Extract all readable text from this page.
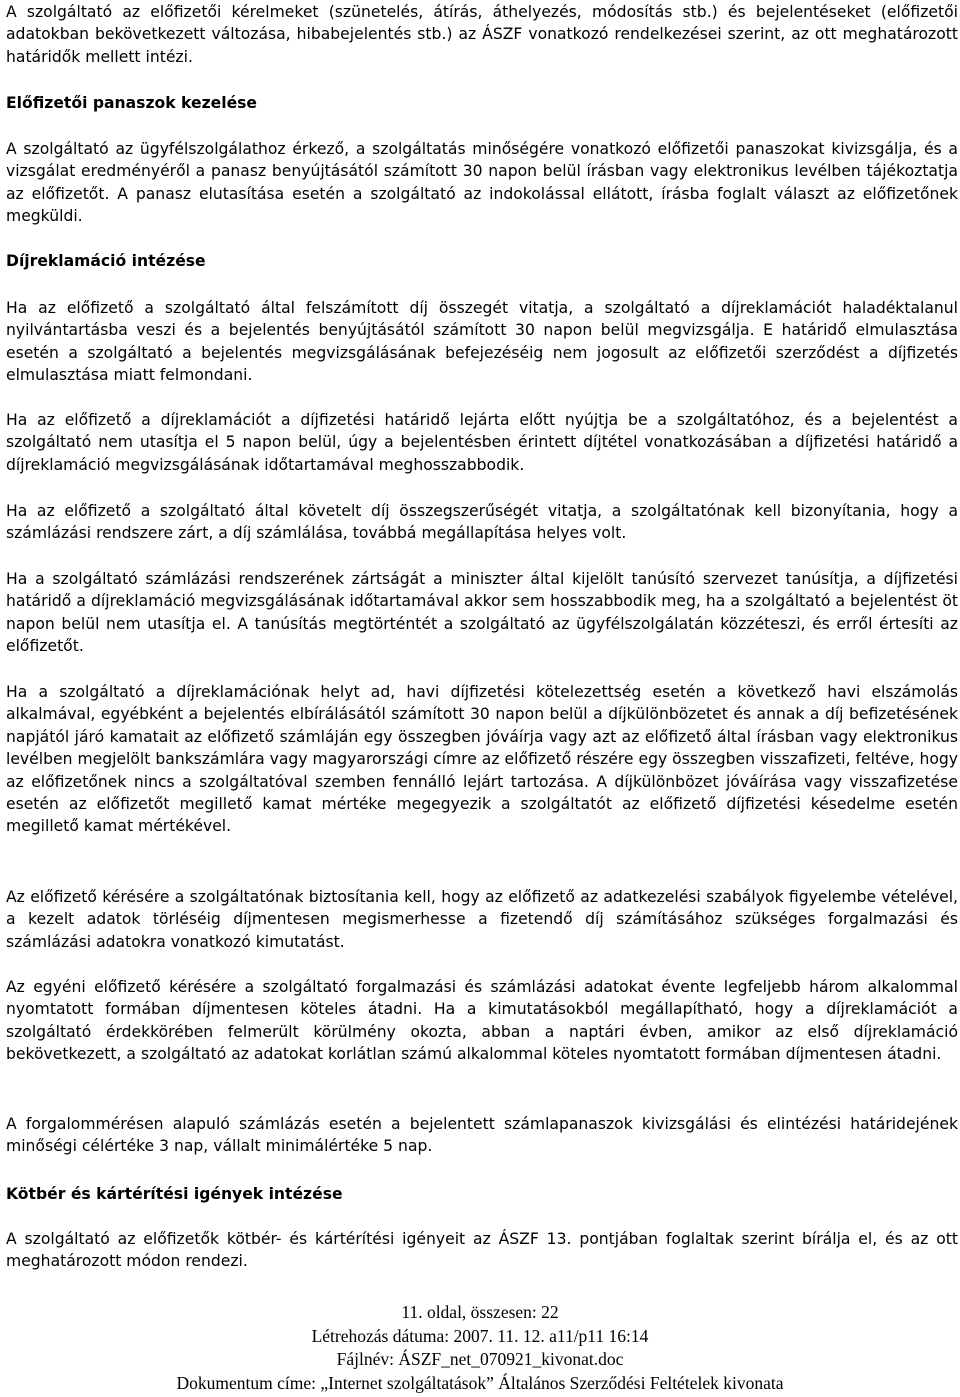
A szolgáltató az előfizetői kérelmeket (szünetelés, átírás, áthelyezés, módosítás stb.) és bejelentéseket (előfizetői adatokban bekövetkezett változása, hibabejelentés stb.) az ÁSZF vonatkozó rendelkezései szerint, az ott meghatározott határidők mellett intézi.

Előfizetői panaszok kezelése

A szolgáltató az ügyfélszolgálathoz érkező, a szolgáltatás minőségére vonatkozó előfizetői panaszokat kivizsgálja, és a vizsgálat eredményéről a panasz benyújtásától számított 30 napon belül írásban vagy elektronikus levélben tájékoztatja az előfizetőt. A panasz elutasítása esetén a szolgáltató az indokolással ellátott, írásba foglalt választ az előfizetőnek megküldi.

Díjreklamáció intézése

Ha az előfizető a szolgáltató által felszámított díj összegét vitatja, a szolgáltató a díjreklamációt haladéktalanul nyilvántartásba veszi és a bejelentés benyújtásától számított 30 napon belül megvizsgálja. E határidő elmulasztása esetén a szolgáltató a bejelentés megvizsgálásának befejezéséig nem jogosult az előfizetői szerződést a díjfizetés elmulasztása miatt felmondani.

Ha az előfizető a díjreklamációt a díjfizetési határidő lejárta előtt nyújtja be a szolgáltatóhoz, és a bejelentést a szolgáltató nem utasítja el 5 napon belül, úgy a bejelentésben érintett díjtétel vonatkozásában a díjfizetési határidő a díjreklamáció megvizsgálásának időtartamával meghosszabbodik.

Ha az előfizető a szolgáltató által követelt díj összegszerűségét vitatja, a szolgáltatónak kell bizonyítania, hogy a számlázási rendszere zárt, a díj számlálása, továbbá megállapítása helyes volt.

Ha a szolgáltató számlázási rendszerének zártságát a miniszter által kijelölt tanúsító szervezet tanúsítja, a díjfizetési határidő a díjreklamáció megvizsgálásának időtartamával akkor sem hosszabbodik meg, ha a szolgáltató a bejelentést öt napon belül nem utasítja el. A tanúsítás megtörténtét a szolgáltató az ügyfélszolgálatán közzéteszi, és erről értesíti az előfizetőt.

Ha a szolgáltató a díjreklamációnak helyt ad, havi díjfizetési kötelezettség esetén a következő havi elszámolás alkalmával, egyébként a bejelentés elbírálásától számított 30 napon belül a díjkülönbözetet és annak a díj befizetésének napjától járó kamatait az előfizető számláján egy összegben jóváírja vagy azt az előfizető által írásban vagy elektronikus levélben megjelölt bankszámlára vagy magyarországi címre az előfizető részére egy összegben visszafizeti, feltéve, hogy az előfizetőnek nincs a szolgáltatóval szemben fennálló lejárt tartozása. A díjkülönbözet jóváírása vagy visszafizetése esetén az előfizetőt megillető kamat mértéke megegyezik a szolgáltatót az előfizető díjfizetési késedelme esetén megillető kamat mértékével.

Az előfizető kérésére a szolgáltatónak biztosítania kell, hogy az előfizető az adatkezelési szabályok figyelembe vételével, a kezelt adatok törléséig díjmentesen megismerhesse a fizetendő díj számításához szükséges forgalmazási és számlázási adatokra vonatkozó kimutatást.

Az egyéni előfizető kérésére a szolgáltató forgalmazási és számlázási adatokat évente legfeljebb három alkalommal nyomtatott formában díjmentesen köteles átadni. Ha a kimutatásokból megállapítható, hogy a díjreklamációt a szolgáltató érdekkörében felmerült körülmény okozta, abban a naptári évben, amikor az első díjreklamáció bekövetkezett, a szolgáltató az adatokat korlátlan számú alkalommal köteles nyomtatott formában díjmentesen átadni.

A forgalommérésen alapuló számlázás esetén a bejelentett számlapanaszok kivizsgálási és elintézési határidejének minőségi célértéke 3 nap, vállalt minimálértéke 5 nap.

Kötbér és kártérítési igények intézése

A szolgáltató az előfizetők kötbér- és kártérítési igényeit az ÁSZF 13. pontjában foglaltak szerint bírálja el, és az ott meghatározott módon rendezi.

11. oldal, összesen: 22
Létrehozás dátuma: 2007. 11. 12. a11/p11 16:14
Fájlnév: ÁSZF_net_070921_kivonat.doc
Dokumentum címe: „Internet szolgáltatások” Általános Szerződési Feltételek kivonata
